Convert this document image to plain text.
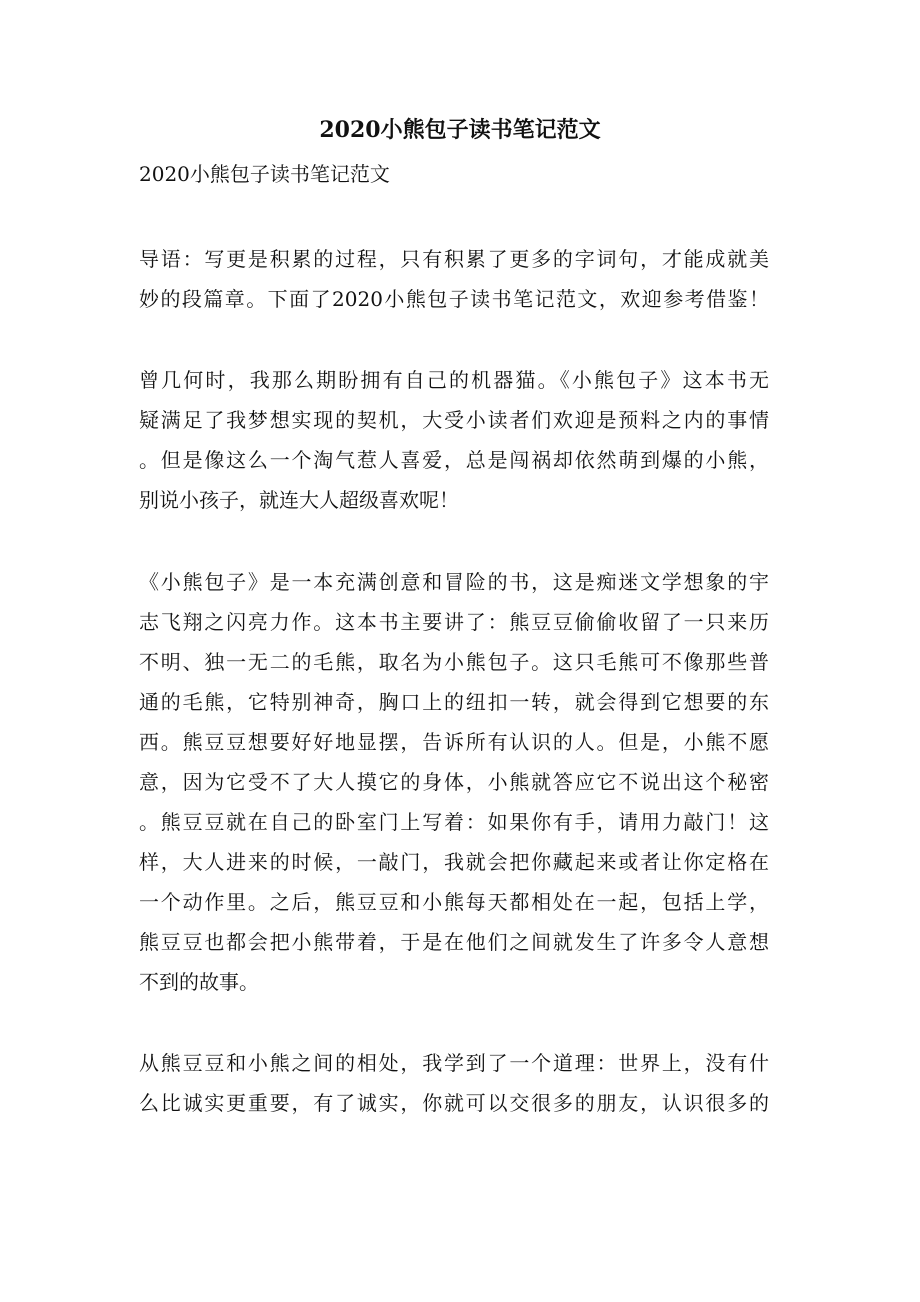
2020小熊包子读书笔记范文
2020小熊包子读书笔记范文
导语：写更是积累的过程，只有积累了更多的字词句，才能成就美
妙的段篇章。下面了2020小熊包子读书笔记范文，欢迎参考借鉴！
曾几何时，我那么期盼拥有自己的机器猫。《小熊包子》这本书无
疑满足了我梦想实现的契机，大受小读者们欢迎是预料之内的事情
。但是像这么一个淘气惹人喜爱，总是闯祸却依然萌到爆的小熊，
别说小孩子，就连大人超级喜欢呢！
《小熊包子》是一本充满创意和冒险的书，这是痴迷文学想象的宇
志飞翔之闪亮力作。这本书主要讲了：熊豆豆偷偷收留了一只来历
不明、独一无二的毛熊，取名为小熊包子。这只毛熊可不像那些普
通的毛熊，它特别神奇，胸口上的纽扣一转，就会得到它想要的东
西。熊豆豆想要好好地显摆，告诉所有认识的人。但是，小熊不愿
意，因为它受不了大人摸它的身体，小熊就答应它不说出这个秘密
。熊豆豆就在自己的卧室门上写着：如果你有手，请用力敲门！这
样，大人进来的时候，一敲门，我就会把你藏起来或者让你定格在
一个动作里。之后，熊豆豆和小熊每天都相处在一起，包括上学，
熊豆豆也都会把小熊带着，于是在他们之间就发生了许多令人意想
不到的故事。
从熊豆豆和小熊之间的相处，我学到了一个道理：世界上，没有什
么比诚实更重要，有了诚实，你就可以交很多的朋友，认识很多的
